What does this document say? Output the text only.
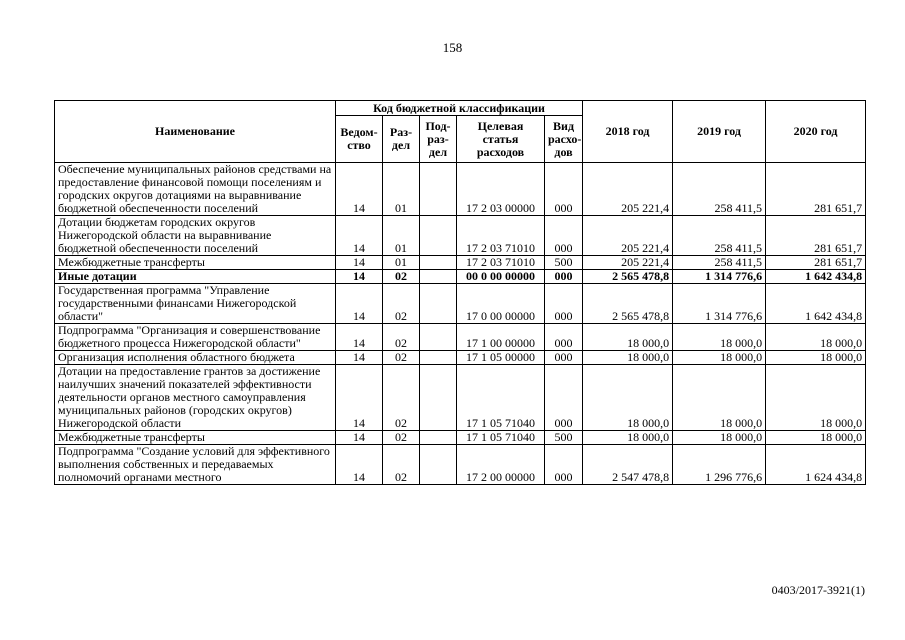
158
Наименование	Код бюджетной классификации					2018 год	2019 год	2020 год
	Ведом-ство	Раз-дел	Под-раз-дел	Целевая статья расходов	Вид расхо-дов			
Обеспечение муниципальных районов средствами на предоставление финансовой помощи поселениям и городских округов дотациями на выравнивание бюджетной обеспеченности поселений	14	01		17 2 03 00000	000	205 221,4	258 411,5	281 651,7
Дотации бюджетам городских округов Нижегородской области на выравнивание бюджетной обеспеченности поселений	14	01		17 2 03 71010	000	205 221,4	258 411,5	281 651,7
Межбюджетные трансферты	14	01		17 2 03 71010	500	205 221,4	258 411,5	281 651,7
Иные дотации	14	02		00 0 00 00000	000	2 565 478,8	1 314 776,6	1 642 434,8
Государственная программа "Управление государственными финансами Нижегородской области"	14	02		17 0 00 00000	000	2 565 478,8	1 314 776,6	1 642 434,8
Подпрограмма "Организация и совершенствование бюджетного процесса Нижегородской области"	14	02		17 1 00 00000	000	18 000,0	18 000,0	18 000,0
Организация исполнения областного бюджета	14	02		17 1 05 00000	000	18 000,0	18 000,0	18 000,0
Дотации на предоставление грантов за достижение наилучших значений показателей эффективности деятельности органов местного самоуправления муниципальных районов (городских округов) Нижегородской области	14	02		17 1 05 71040	000	18 000,0	18 000,0	18 000,0
Межбюджетные трансферты	14	02		17 1 05 71040	500	18 000,0	18 000,0	18 000,0
Подпрограмма "Создание условий для эффективного выполнения собственных и передаваемых полномочий органами местного	14	02		17 2 00 00000	000	2 547 478,8	1 296 776,6	1 624 434,8
0403/2017-3921(1)
